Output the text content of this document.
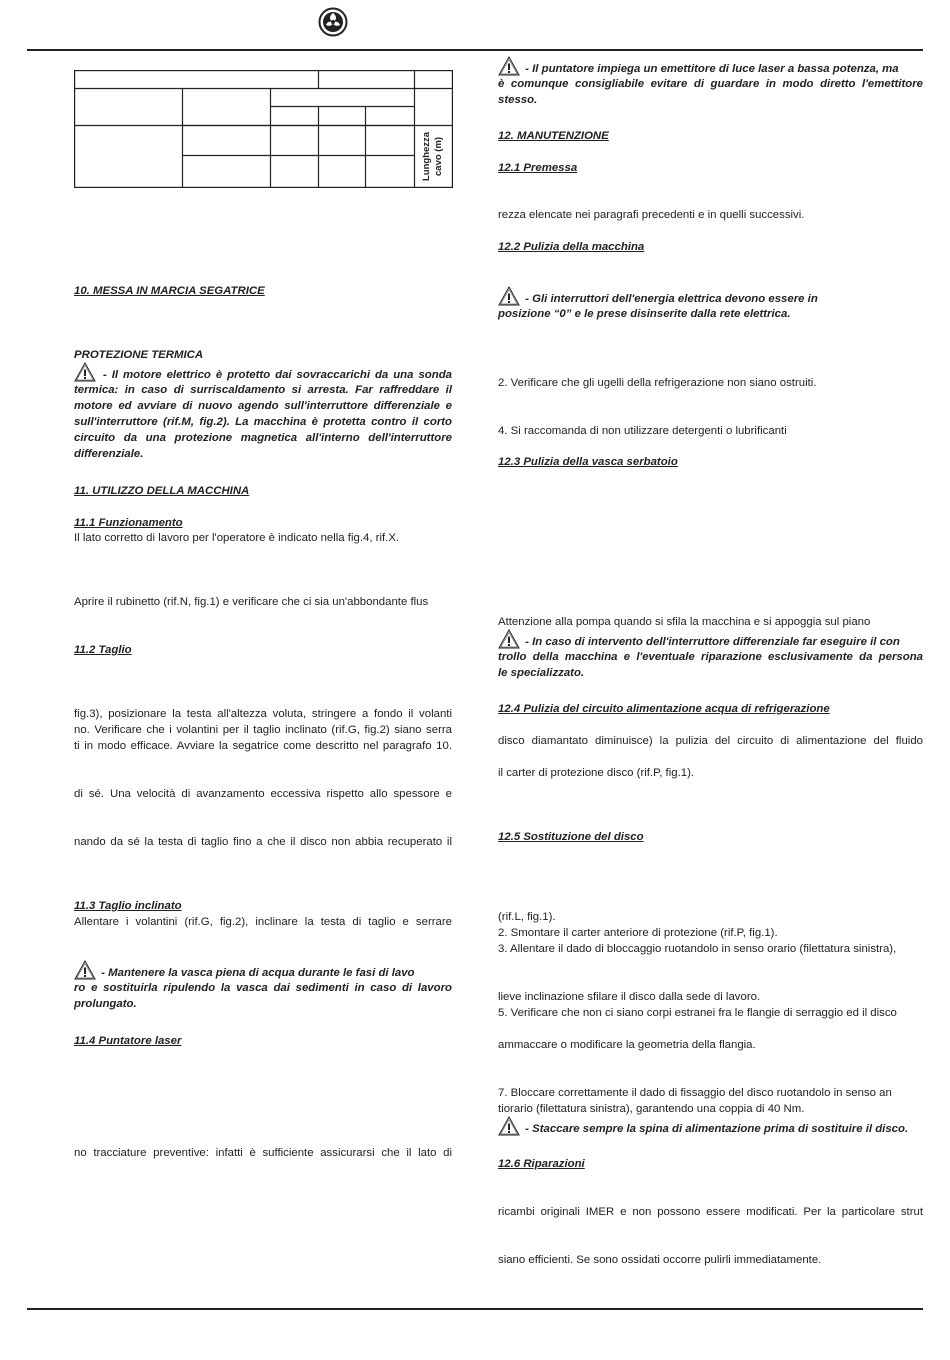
Lunghezza cavo (m)
10. MESSA IN MARCIA SEGATRICE
PROTEZIONE TERMICA
- Il motore elettrico è protetto dai sovraccarichi da una sonda
termica: in caso di surriscaldamento si arresta. Far raffreddare il
motore ed avviare di nuovo agendo sull'interruttore differenziale e
sull'interruttore (rif.M, fig.2). La macchina è protetta contro il corto
circuito da una protezione magnetica all'interno dell'interruttore
differenziale.
11. UTILIZZO DELLA MACCHINA
11.1 Funzionamento
Il lato corretto di lavoro per l'operatore è indicato nella fig.4, rif.X.
Aprire il rubinetto (rif.N, fig.1) e verificare che ci sia un'abbondante flus
11.2 Taglio
fig.3), posizionare la testa all'altezza voluta, stringere a fondo il volanti
no. Verificare che i volantini per il taglio inclinato (rif.G, fig.2) siano serra
ti in modo efficace. Avviare la segatrice come descritto nel paragrafo 10.
di sé. Una velocità di avanzamento eccessiva rispetto allo spessore e
nando da sé la testa di taglio fino a che il disco non abbia recuperato il
11.3 Taglio inclinato
Allentare i volantini (rif.G, fig.2), inclinare la testa di taglio e serrare
- Mantenere la vasca piena di acqua durante le fasi di lavo
ro e sostituirla ripulendo la vasca dai sedimenti in caso di lavoro
prolungato.
11.4 Puntatore laser
no tracciature preventive: infatti è sufficiente assicurarsi che il lato di
- Il puntatore impiega un emettitore di luce laser a bassa potenza, ma
è comunque consigliabile evitare di guardare in modo diretto l'emettitore
stesso.
12. MANUTENZIONE
12.1 Premessa
rezza elencate nei paragrafi precedenti e in quelli successivi.
12.2 Pulizia della macchina
- Gli interruttori dell'energia elettrica devono essere in
posizione “0” e le prese disinserite dalla rete elettrica.
2. Verificare che gli ugelli della refrigerazione non siano ostruiti.
4. Si raccomanda di non utilizzare detergenti o lubrificanti
12.3 Pulizia della vasca serbatoio
Attenzione alla pompa quando si sfila la macchina e si appoggia sul piano
- In caso di intervento dell'interruttore differenziale far eseguire il con
trollo della macchina e l'eventuale riparazione esclusivamente da persona
le specializzato.
12.4 Pulizia del circuito alimentazione acqua di refrigerazione
disco diamantato diminuisce) la pulizia del circuito di alimentazione del fluido
il carter di protezione disco (rif.P, fig.1).
12.5 Sostituzione del disco
(rif.L, fig.1).
2. Smontare il carter anteriore di protezione (rif.P, fig.1).
3. Allentare il dado di bloccaggio ruotandolo in senso orario (filettatura sinistra),
lieve inclinazione sfilare il disco dalla sede di lavoro.
5. Verificare che non ci siano corpi estranei fra le flangie di serraggio ed il disco
ammaccare o modificare la geometria della flangia.
7. Bloccare correttamente il dado di fissaggio del disco ruotandolo in senso an
tiorario (filettatura sinistra), garantendo una coppia di 40 Nm.
- Staccare sempre la spina di alimentazione prima di sostituire il disco.
12.6 Riparazioni
ricambi originali IMER e non possono essere modificati. Per la particolare strut
siano efficienti. Se sono ossidati occorre pulirli immediatamente.
